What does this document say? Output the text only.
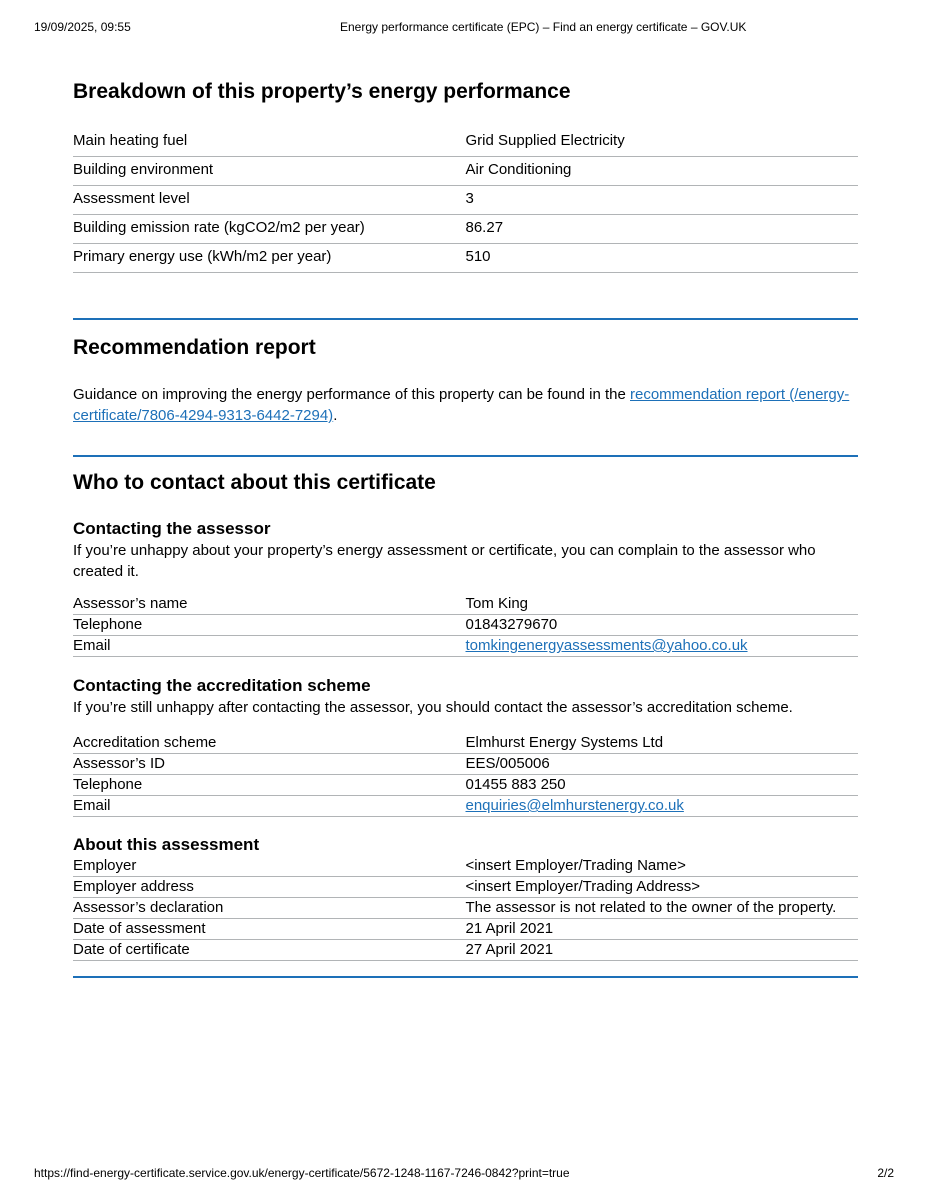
19/09/2025, 09:55	Energy performance certificate (EPC) – Find an energy certificate – GOV.UK
Breakdown of this property’s energy performance
Main heating fuel	Grid Supplied Electricity
Building environment	Air Conditioning
Assessment level	3
Building emission rate (kgCO2/m2 per year)	86.27
Primary energy use (kWh/m2 per year)	510
Recommendation report

Guidance on improving the energy performance of this property can be found in the recommendation report (/energy-certificate/7806-4294-9313-6442-7294).

Who to contact about this certificate
Contacting the assessor

If you’re unhappy about your property’s energy assessment or certificate, you can complain to the assessor who created it.

Assessor’s name	Tom King
Telephone	01843279670
Email	tomkingenergyassessments@yahoo.co.uk
Contacting the accreditation scheme

If you’re still unhappy after contacting the assessor, you should contact the assessor’s accreditation scheme.

Accreditation scheme	Elmhurst Energy Systems Ltd
Assessor’s ID	EES/005006
Telephone	01455 883 250
Email	enquiries@elmhurstenergy.co.uk
About this assessment
Employer	<insert Employer/Trading Name>
Employer address	<insert Employer/Trading Address>
Assessor’s declaration	The assessor is not related to the owner of the property.
Date of assessment	21 April 2021
Date of certificate	27 April 2021
https://find-energy-certificate.service.gov.uk/energy-certificate/5672-1248-1167-7246-0842?print=true	2/2
